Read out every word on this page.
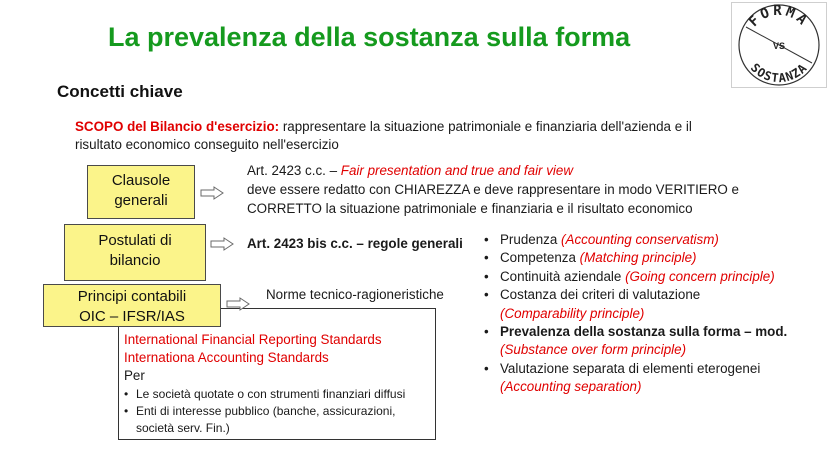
La prevalenza della sostanza sulla forma
FORMA
VS
SOSTANZA
Concetti chiave
SCOPO del Bilancio d'esercizio: rappresentare la situazione patrimoniale e finanziaria dell'azienda e il
risultato economico conseguito nell'esercizio
Clausole
generali
Postulati di
bilancio
Principi contabili
OIC – IFSR/IAS
Art. 2423 c.c. – Fair presentation and true and fair view
deve essere redatto con CHIAREZZA e deve rappresentare in modo VERITIERO e
CORRETTO la situazione patrimoniale e finanziaria e il risultato economico
Art. 2423 bis c.c. – regole generali
Norme tecnico-ragioneristiche
International Financial Reporting Standards
Internationa Accounting Standards
Per
• Le società quotate o con strumenti finanziari diffusi
• Enti di interesse pubblico (banche, assicurazioni,
società serv. Fin.)
• Prudenza (Accounting conservatism)
• Competenza (Matching principle)
• Continuità aziendale (Going concern principle)
• Costanza dei criteri di valutazione
(Comparability principle)
• Prevalenza della sostanza sulla forma – mod.
(Substance over form principle)
• Valutazione separata di elementi eterogenei
(Accounting separation)
